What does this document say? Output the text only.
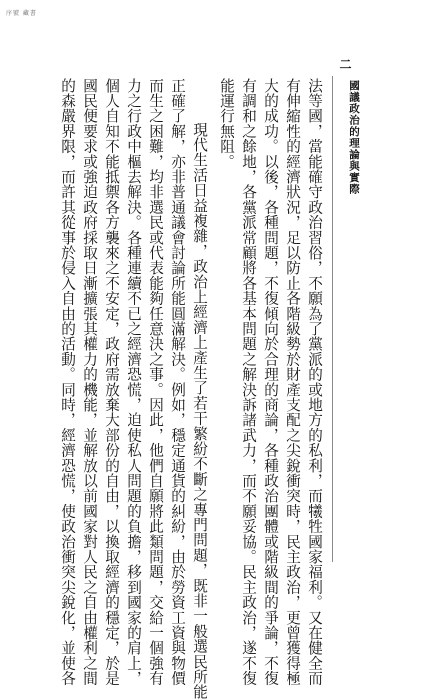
序號 藏書
二
國議政治的理論與實際
法等國，當能確守政治習俗，不願為了黨派的或地方的私利，而犧牲國家福利。又在健全而
有伸縮性的經濟狀況，足以防止各階級勢於財產支配之尖銳衝突時，民主政治，更曾獲得極
大的成功。以後，各種問題，不復傾向於合理的商論，各種政治團體或階級間的爭論，不復
有調和之餘地，各黨派常顧將各基本問題之解決訴諸武力，而不願妥協。民主政治，遂不復
能運行無阻。
現代生活日益複雜，政治上經濟上產生了若干繁紛不斷之專門問題，既非一般選民所能
正確了解，亦非普通議會討論所能圓滿解決。例如，穩定通貨的糾紛，由於勞資工資與物價
而生之困難，均非選民或代表能夠任意決之事。因此，他們自願將此類問題，交給一個強有
力之行政中樞去解決。各種連續不已之經濟恐慌，迫使私人問題的負擔，移到國家的肩上，
個人自知不能抵禦各方襲來之不安定，政府需放棄大部份的自由，以換取經濟的穩定，於是
國民便要求或強迫政府採取日漸擴張其權力的機能，並解放以前國家對人民之自由權利之間
的森嚴界限，而許其從事於侵入自由的活動。同時，經濟恐慌，使政治衝突尖銳化，並使各
